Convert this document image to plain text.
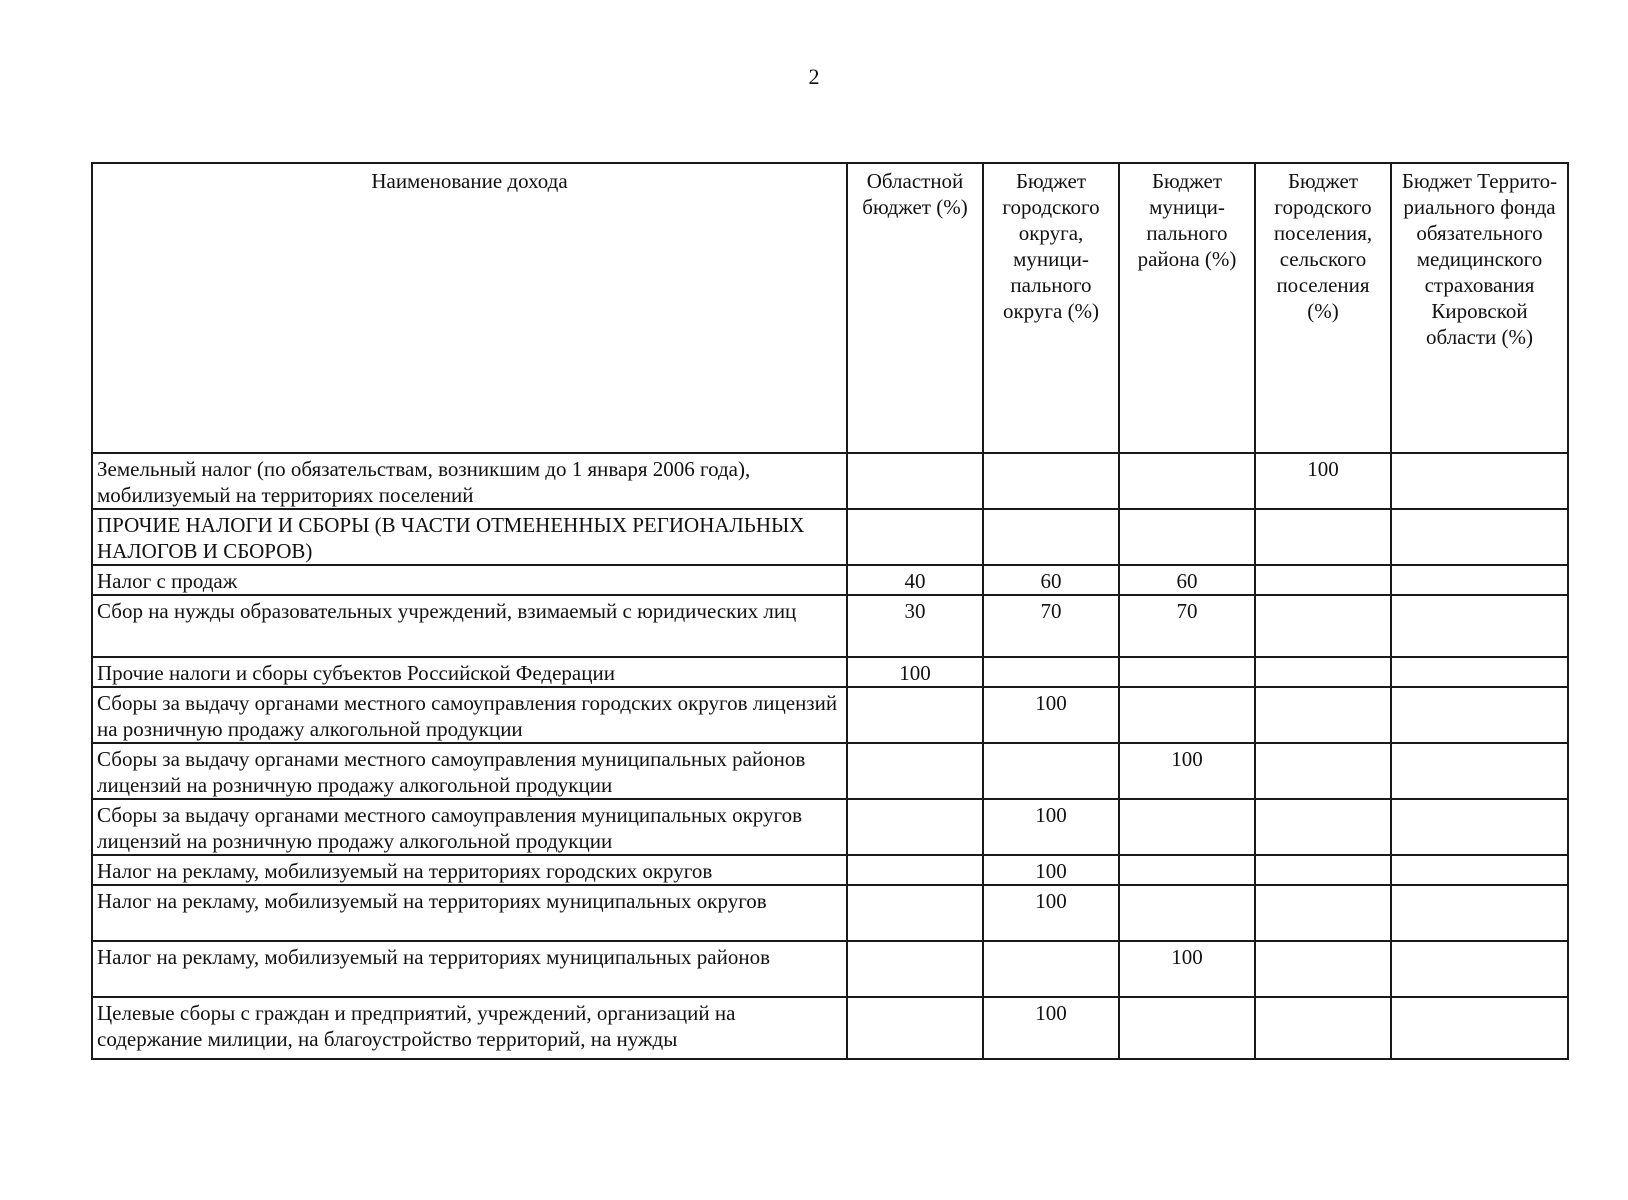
2
Наименование дохода	Областной бюджет (%)	Бюджет городского округа, муници-пального округа (%)	Бюджет муници-пального района (%)	Бюджет городского поселения, сельского поселения (%)	Бюджет Террито-риального фонда обязательного медицинского страхования Кировской области (%)
Земельный налог (по обязательствам, возникшим до 1 января 2006 года), мобилизуемый на территориях поселений				100	
ПРОЧИЕ НАЛОГИ И СБОРЫ (В ЧАСТИ ОТМЕНЕННЫХ РЕГИОНАЛЬНЫХ НАЛОГОВ И СБОРОВ)					
Налог с продаж	40	60	60		
Сбор на нужды образовательных учреждений, взимаемый с юридических лиц	30	70	70		
Прочие налоги и сборы субъектов Российской Федерации	100				
Сборы за выдачу органами местного самоуправления городских округов лицензий на розничную продажу алкогольной продукции		100			
Сборы за выдачу органами местного самоуправления муниципальных районов лицензий на розничную продажу алкогольной продукции			100		
Сборы за выдачу органами местного самоуправления муниципальных округов лицензий на розничную продажу алкогольной продукции		100			
Налог на рекламу, мобилизуемый на территориях городских округов		100			
Налог на рекламу, мобилизуемый на территориях муниципальных округов		100			
Налог на рекламу, мобилизуемый на территориях муниципальных районов			100		
Целевые сборы с граждан и предприятий, учреждений, организаций на содержание милиции, на благоустройство территорий, на нужды		100			
